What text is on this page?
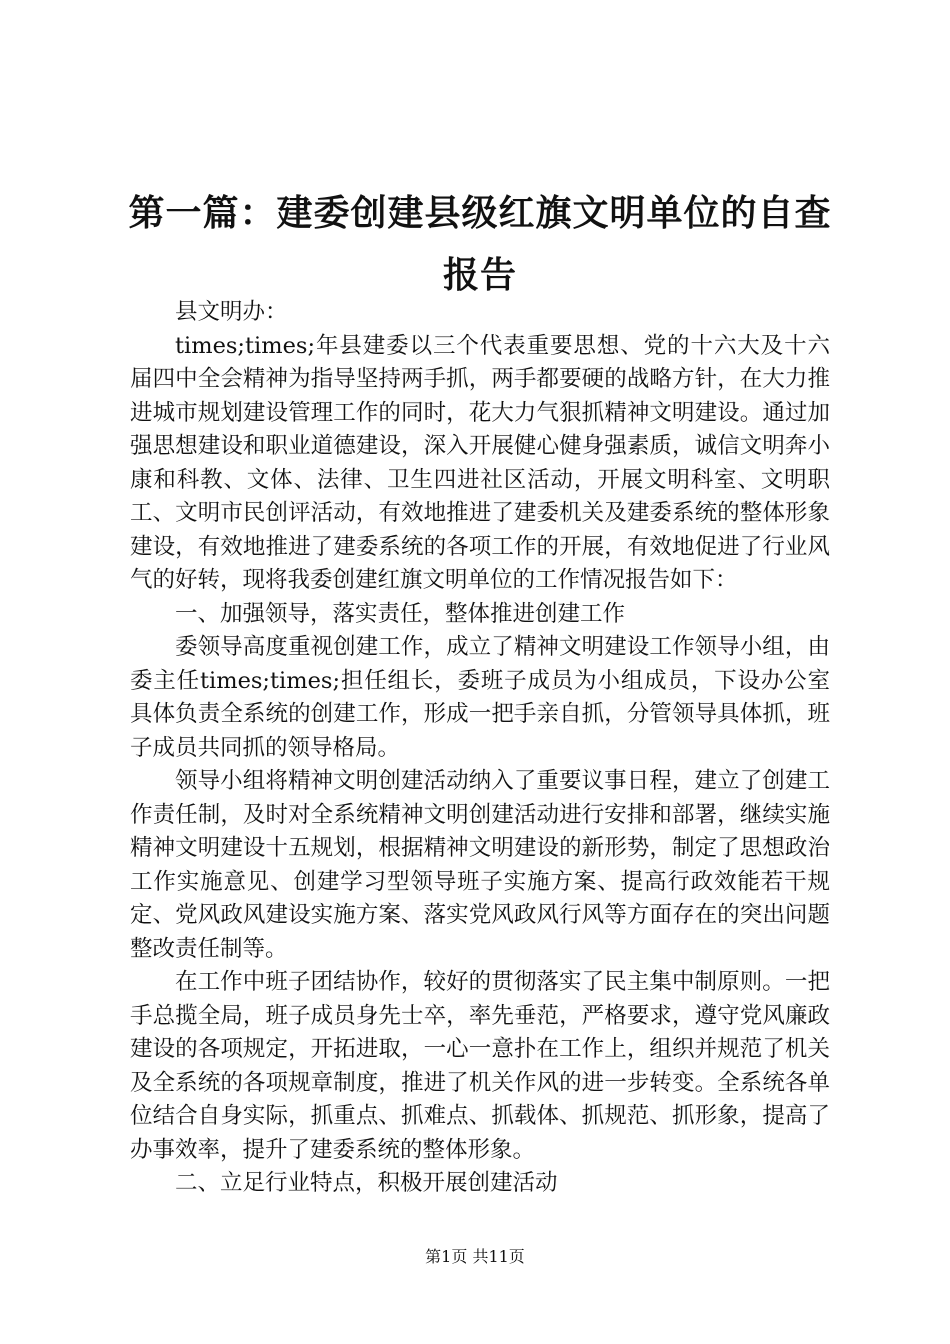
第一篇：建委创建县级红旗文明单位的自查报告

县文明办：

times;times;年县建委以三个代表重要思想、党的十六大及十六届四中全会精神为指导坚持两手抓，两手都要硬的战略方针，在大力推进城市规划建设管理工作的同时，花大力气狠抓精神文明建设。通过加强思想建设和职业道德建设，深入开展健心健身强素质，诚信文明奔小康和科教、文体、法律、卫生四进社区活动，开展文明科室、文明职工、文明市民创评活动，有效地推进了建委机关及建委系统的整体形象建设，有效地推进了建委系统的各项工作的开展，有效地促进了行业风气的好转，现将我委创建红旗文明单位的工作情况报告如下：

一、加强领导，落实责任，整体推进创建工作

委领导高度重视创建工作，成立了精神文明建设工作领导小组，由委主任times;times;担任组长，委班子成员为小组成员，下设办公室具体负责全系统的创建工作，形成一把手亲自抓，分管领导具体抓，班子成员共同抓的领导格局。

领导小组将精神文明创建活动纳入了重要议事日程，建立了创建工作责任制，及时对全系统精神文明创建活动进行安排和部署，继续实施精神文明建设十五规划，根据精神文明建设的新形势，制定了思想政治工作实施意见、创建学习型领导班子实施方案、提高行政效能若干规定、党风政风建设实施方案、落实党风政风行风等方面存在的突出问题整改责任制等。

在工作中班子团结协作，较好的贯彻落实了民主集中制原则。一把手总揽全局，班子成员身先士卒，率先垂范，严格要求，遵守党风廉政建设的各项规定，开拓进取，一心一意扑在工作上，组织并规范了机关及全系统的各项规章制度，推进了机关作风的进一步转变。全系统各单位结合自身实际，抓重点、抓难点、抓载体、抓规范、抓形象，提高了办事效率，提升了建委系统的整体形象。

二、立足行业特点，积极开展创建活动

第1页 共11页
